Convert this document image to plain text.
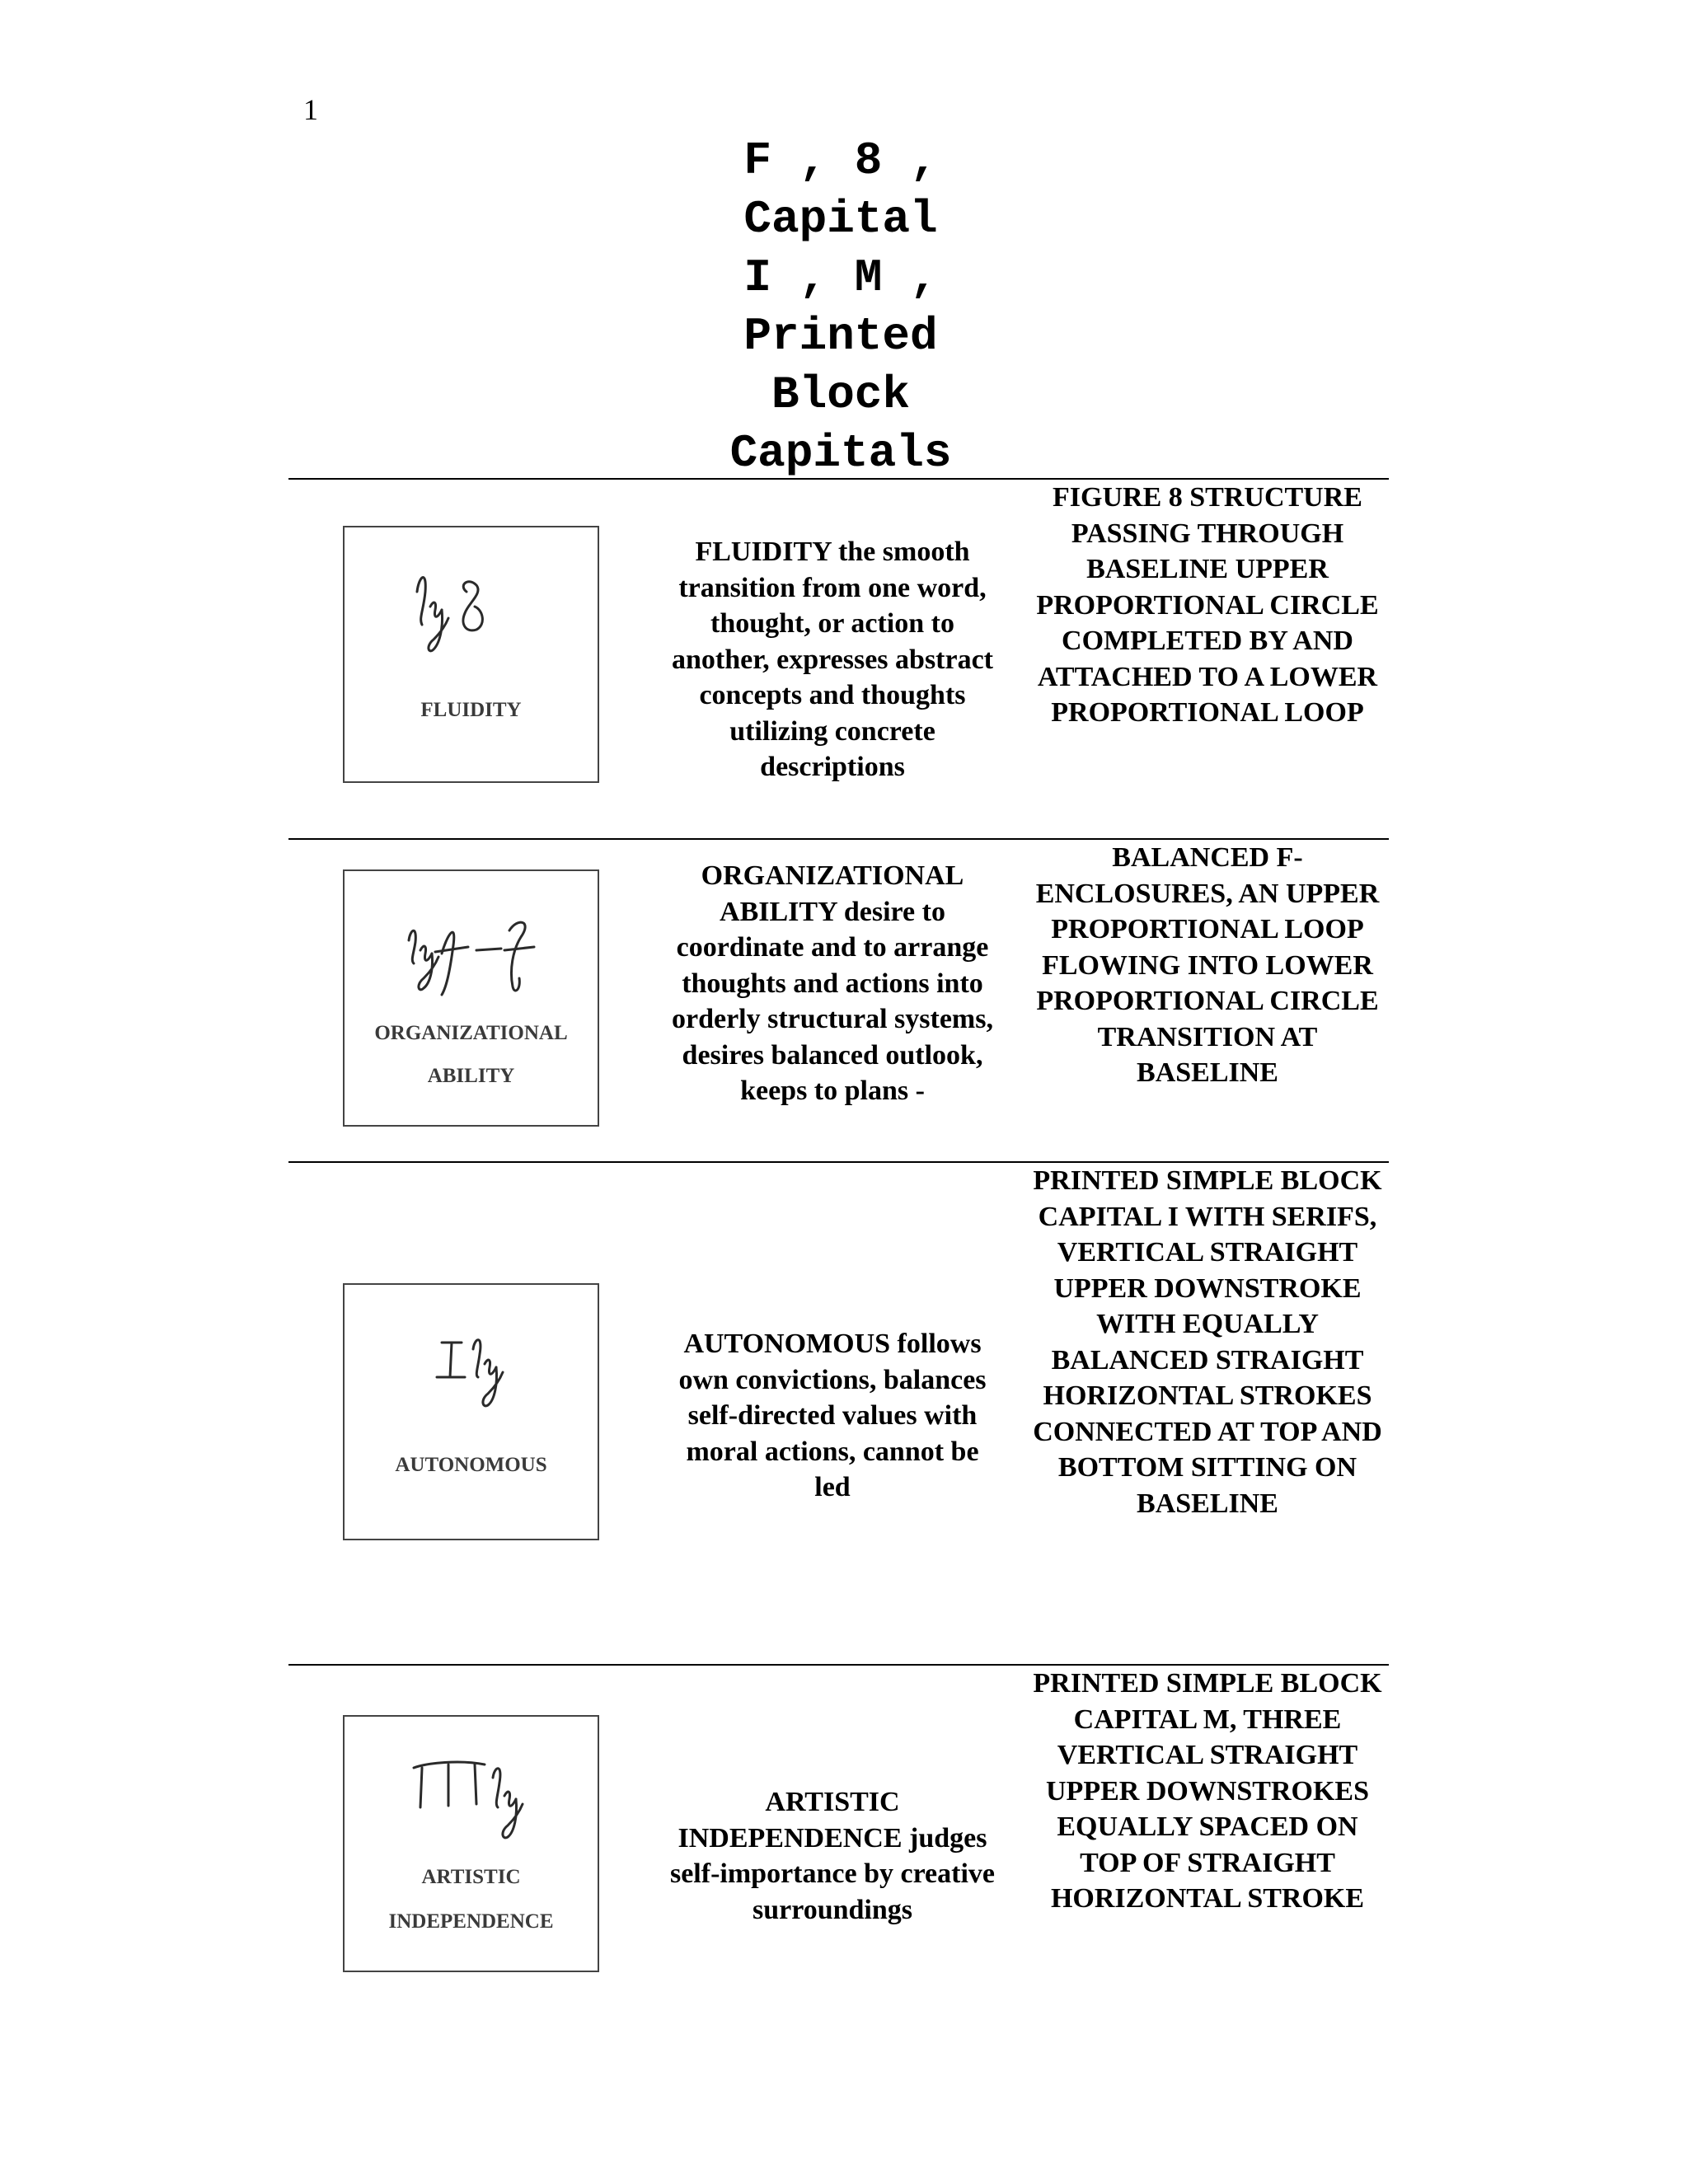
1
F , 8 ,
Capital
I , M ,
Printed
Block
Capitals
FLUIDITY
FLUIDITY the smooth transition from one word, thought, or action to another, expresses abstract concepts and thoughts utilizing concrete descriptions
FIGURE 8 STRUCTURE PASSING THROUGH BASELINE UPPER PROPORTIONAL CIRCLE COMPLETED BY AND ATTACHED TO A LOWER PROPORTIONAL LOOP
ORGANIZATIONAL
ABILITY
ORGANIZATIONAL ABILITY desire to coordinate and to arrange thoughts and actions into orderly structural systems, desires balanced outlook, keeps to plans -
BALANCED F-ENCLOSURES, AN UPPER PROPORTIONAL LOOP FLOWING INTO LOWER PROPORTIONAL CIRCLE TRANSITION AT BASELINE
AUTONOMOUS
AUTONOMOUS follows own convictions, balances self-directed values with moral actions, cannot be led
PRINTED SIMPLE BLOCK CAPITAL I WITH SERIFS, VERTICAL STRAIGHT UPPER DOWNSTROKE WITH EQUALLY BALANCED STRAIGHT HORIZONTAL STROKES CONNECTED AT TOP AND BOTTOM SITTING ON BASELINE
ARTISTIC
INDEPENDENCE
ARTISTIC INDEPENDENCE judges self-importance by creative surroundings
PRINTED SIMPLE BLOCK CAPITAL M, THREE VERTICAL STRAIGHT UPPER DOWNSTROKES EQUALLY SPACED ON TOP OF STRAIGHT HORIZONTAL STROKE
